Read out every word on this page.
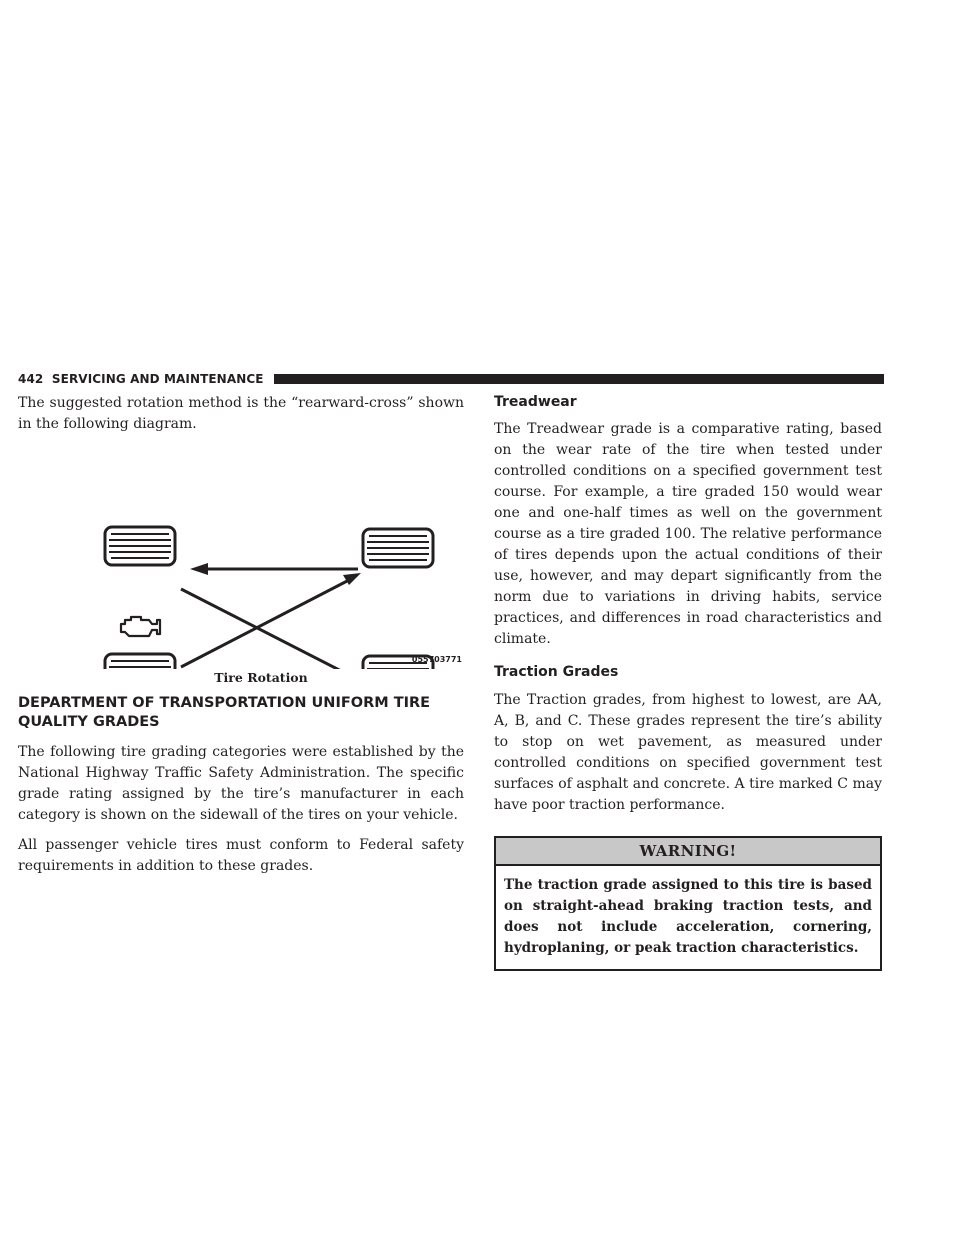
442 SERVICING AND MAINTENANCE

The suggested rotation method is the “rearward-cross” shown in the following diagram.

055703771
Tire Rotation
DEPARTMENT OF TRANSPORTATION UNIFORM TIRE QUALITY GRADES

The following tire grading categories were established by the National Highway Traffic Safety Administration. The specific grade rating assigned by the tire’s manufacturer in each category is shown on the sidewall of the tires on your vehicle.

All passenger vehicle tires must conform to Federal safety requirements in addition to these grades.

Treadwear

The Treadwear grade is a comparative rating, based on the wear rate of the tire when tested under controlled conditions on a specified government test course. For example, a tire graded 150 would wear one and one-half times as well on the government course as a tire graded 100. The relative performance of tires depends upon the actual conditions of their use, however, and may depart significantly from the norm due to variations in driving habits, service practices, and differences in road characteristics and climate.

Traction Grades

The Traction grades, from highest to lowest, are AA, A, B, and C. These grades represent the tire’s ability to stop on wet pavement, as measured under controlled conditions on specified government test surfaces of asphalt and concrete. A tire marked C may have poor traction performance.

WARNING!
The traction grade assigned to this tire is based on straight-ahead braking traction tests, and does not include acceleration, cornering, hydroplaning, or peak traction characteristics.
